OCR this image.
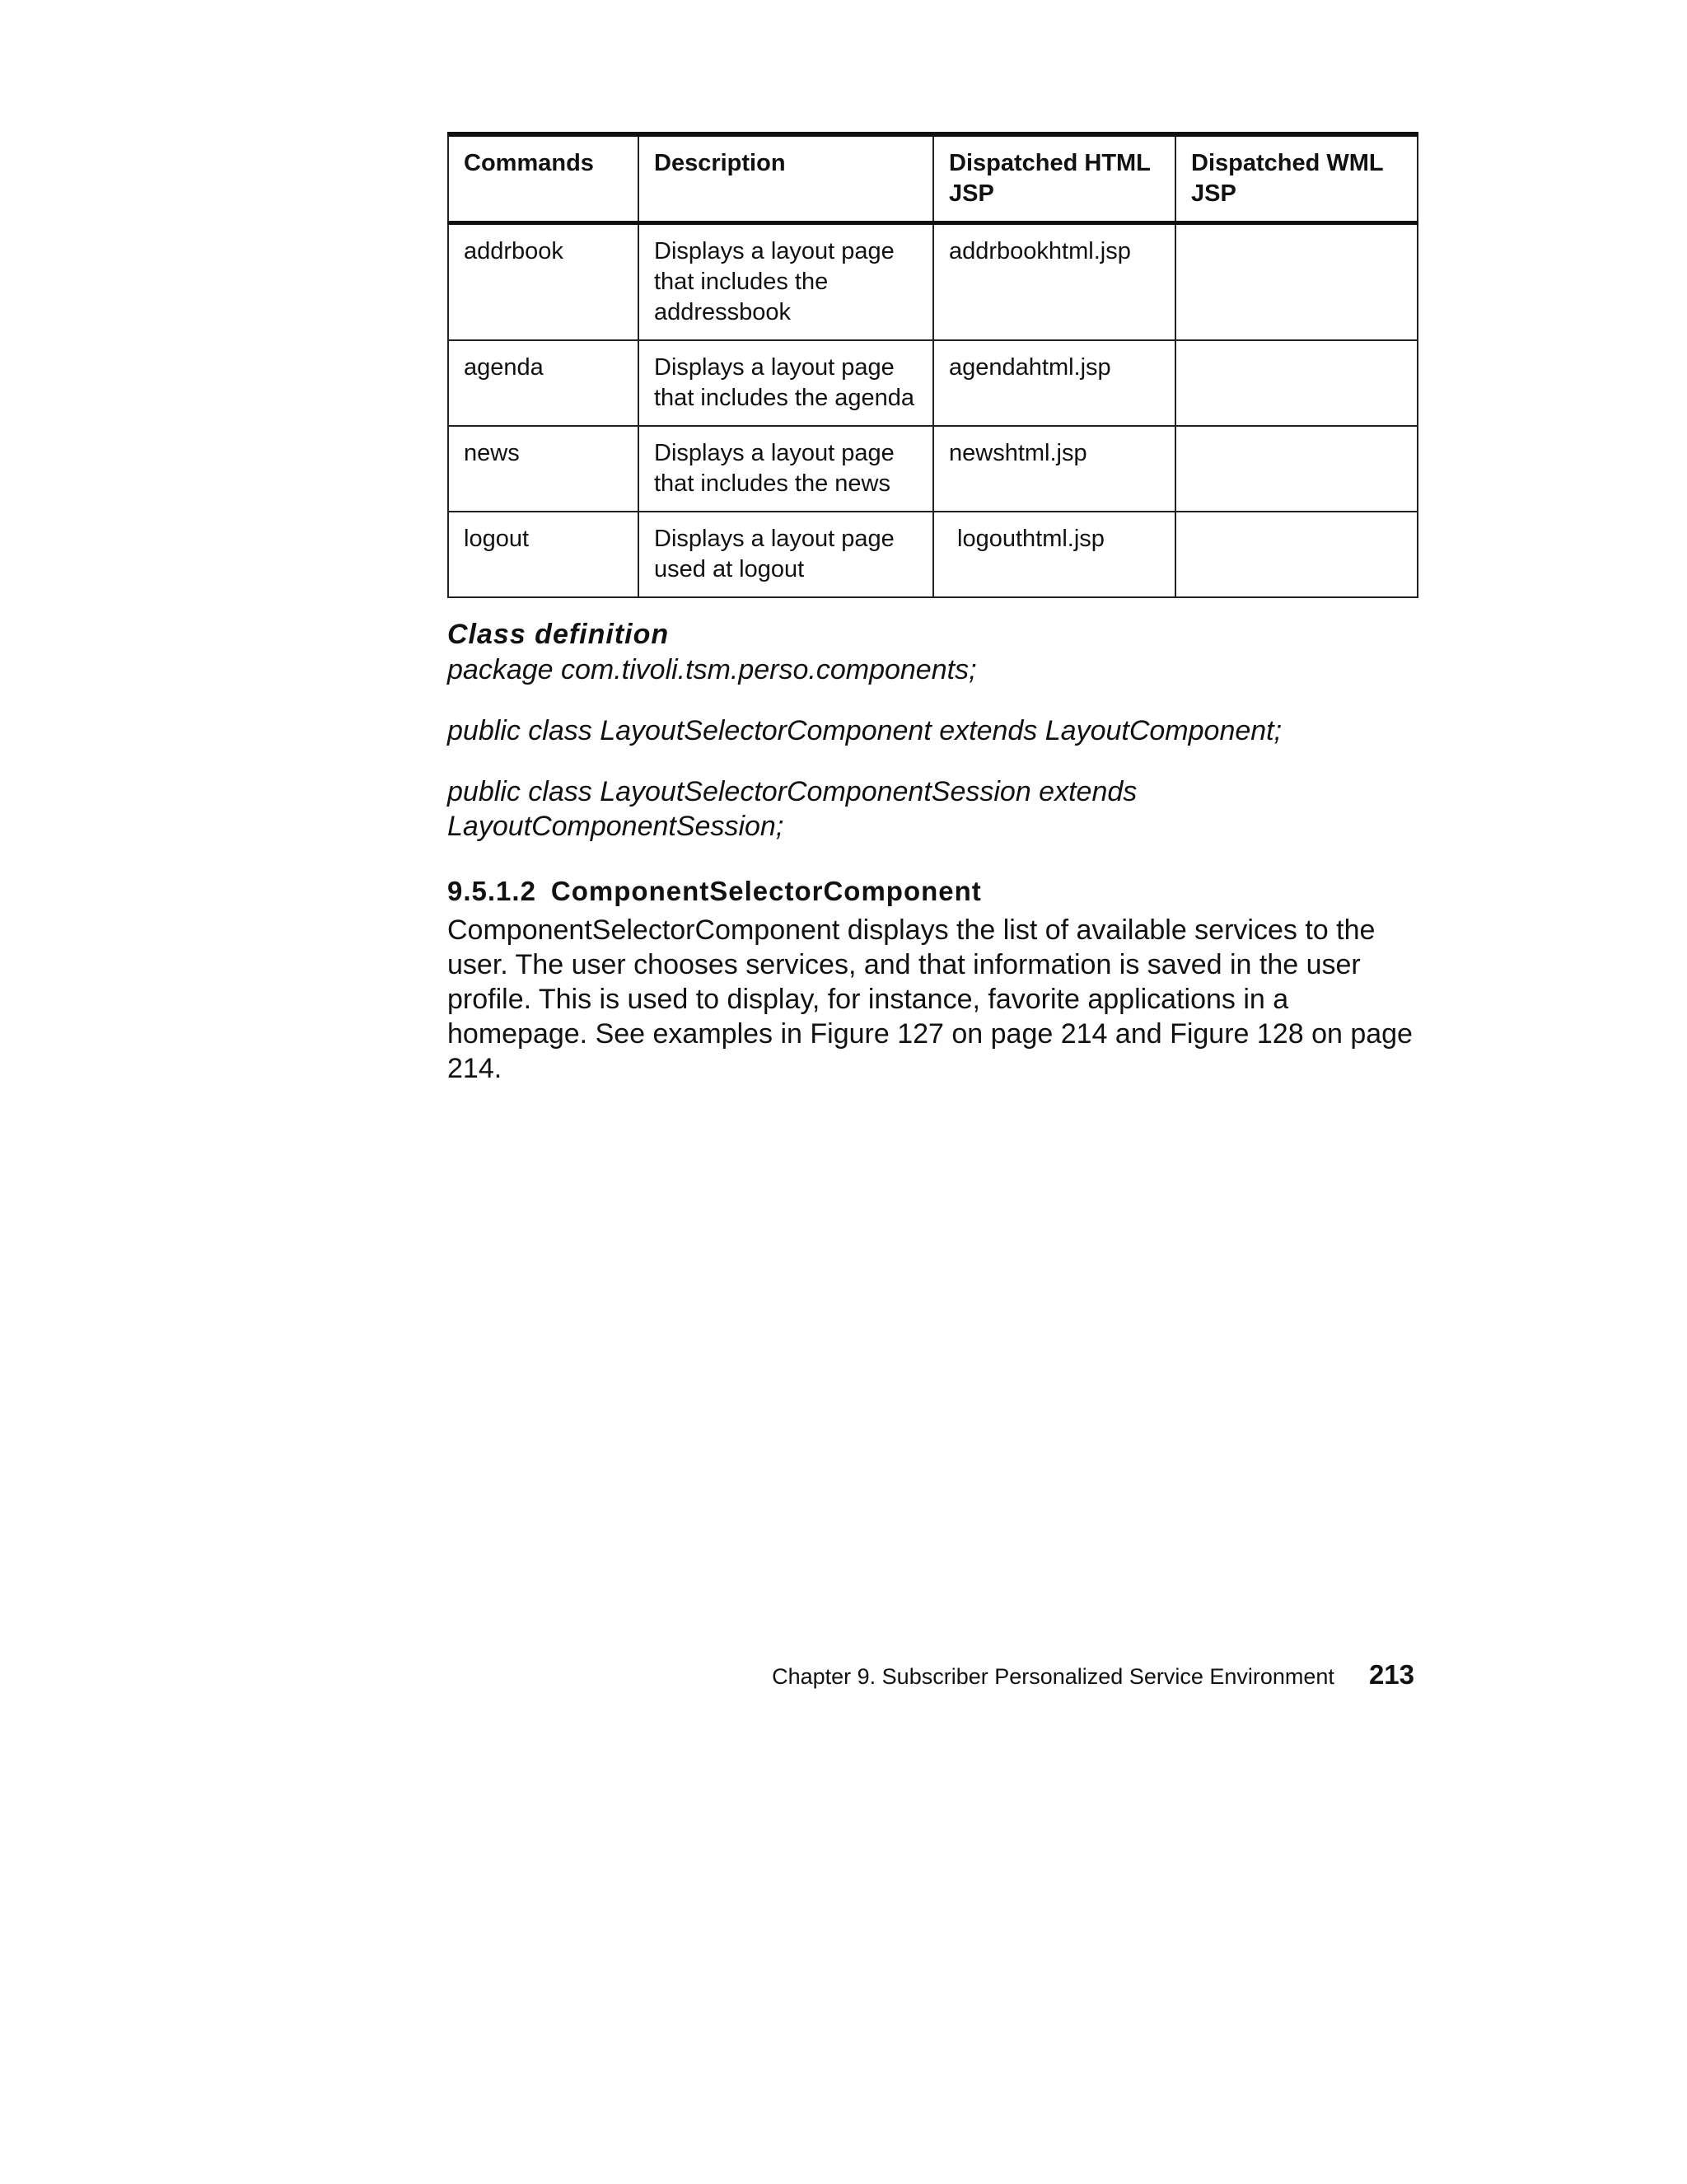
Commands	Description	Dispatched HTML JSP	Dispatched WML JSP
addrbook	Displays a layout page that includes the addressbook	addrbookhtml.jsp	
agenda	Displays a layout page that includes the agenda	agendahtml.jsp	
news	Displays a layout page that includes the news	newshtml.jsp	
logout	Displays a layout page used at logout	logouthtml.jsp	
Class definition

package com.tivoli.tsm.perso.components;

public class LayoutSelectorComponent extends LayoutComponent;

public class LayoutSelectorComponentSession extends

LayoutComponentSession;

9.5.1.2 ComponentSelectorComponent
ComponentSelectorComponent displays the list of available services to the user. The user chooses services, and that information is saved in the user profile. This is used to display, for instance, favorite applications in a homepage. See examples in Figure 127 on page 214 and Figure 128 on page 214.
Chapter 9. Subscriber Personalized Service Environment 213
